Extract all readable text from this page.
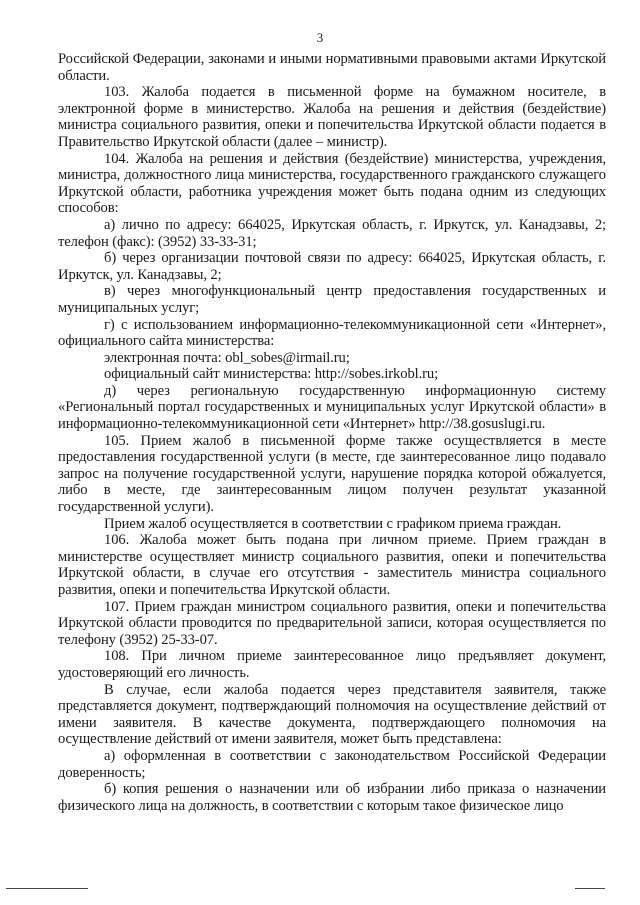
3

Российской Федерации, законами и иными нормативными правовыми актами Иркутской области.

103. Жалоба подается в письменной форме на бумажном носителе, в электронной форме в министерство. Жалоба на решения и действия (бездействие) министра социального развития, опеки и попечительства Иркутской области подается в Правительство Иркутской области (далее – министр).

104. Жалоба на решения и действия (бездействие) министерства, учреждения, министра, должностного лица министерства, государственного гражданского служащего Иркутской области, работника учреждения может быть подана одним из следующих способов:

а) лично по адресу: 664025, Иркутская область, г. Иркутск, ул. Канадзавы, 2; телефон (факс): (3952) 33-33-31;

б) через организации почтовой связи по адресу: 664025, Иркутская область, г. Иркутск, ул. Канадзавы, 2;

в) через многофункциональный центр предоставления государственных и муниципальных услуг;

г) с использованием информационно-телекоммуникационной сети «Интернет», официального сайта министерства:

электронная почта: obl_sobes@irmail.ru;

официальный сайт министерства: http://sobes.irkobl.ru;

д) через региональную государственную информационную систему «Региональный портал государственных и муниципальных услуг Иркутской области» в информационно-телекоммуникационной сети «Интернет» http://38.gosuslugi.ru.

105. Прием жалоб в письменной форме также осуществляется в месте предоставления государственной услуги (в месте, где заинтересованное лицо подавало запрос на получение государственной услуги, нарушение порядка которой обжалуется, либо в месте, где заинтересованным лицом получен результат указанной государственной услуги).

Прием жалоб осуществляется в соответствии с графиком приема граждан.

106. Жалоба может быть подана при личном приеме. Прием граждан в министерстве осуществляет министр социального развития, опеки и попечительства Иркутской области, в случае его отсутствия - заместитель министра социального развития, опеки и попечительства Иркутской области.

107. Прием граждан министром социального развития, опеки и попечительства Иркутской области проводится по предварительной записи, которая осуществляется по телефону (3952) 25-33-07.

108. При личном приеме заинтересованное лицо предъявляет документ, удостоверяющий его личность.

В случае, если жалоба подается через представителя заявителя, также представляется документ, подтверждающий полномочия на осуществление действий от имени заявителя. В качестве документа, подтверждающего полномочия на осуществление действий от имени заявителя, может быть представлена:

а) оформленная в соответствии с законодательством Российской Федерации доверенность;

б) копия решения о назначении или об избрании либо приказа о назначении физического лица на должность, в соответствии с которым такое физическое лицо
